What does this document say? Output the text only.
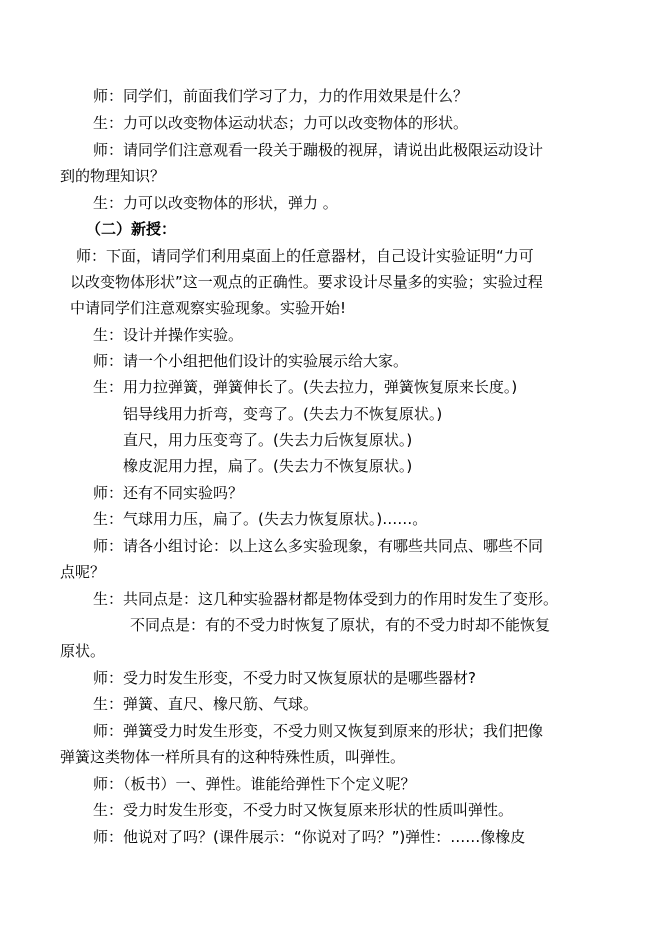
师：同学们，前面我们学习了力，力的作用效果是什么？
生：力可以改变物体运动状态；力可以改变物体的形状。
师：请同学们注意观看一段关于蹦极的视屏，请说出此极限运动设计
到的物理知识？
生：力可以改变物体的形状，弹力 。
（二）新授：
师：下面，请同学们利用桌面上的任意器材，自己设计实验证明“力可
以改变物体形状”这一观点的正确性。要求设计尽量多的实验；实验过程
中请同学们注意观察实验现象。实验开始!
生：设计并操作实验。
师：请一个小组把他们设计的实验展示给大家。
生：用力拉弹簧，弹簧伸长了。(失去拉力，弹簧恢复原来长度。)
铝导线用力折弯，变弯了。(失去力不恢复原状。)
直尺，用力压变弯了。(失去力后恢复原状。)
橡皮泥用力捏，扁了。(失去力不恢复原状。)
师：还有不同实验吗？
生：气球用力压，扁了。(失去力恢复原状。)……。
师：请各小组讨论：以上这么多实验现象，有哪些共同点、哪些不同
点呢？
生：共同点是：这几种实验器材都是物体受到力的作用时发生了变形。
不同点是：有的不受力时恢复了原状，有的不受力时却不能恢复
原状。
师：受力时发生形变，不受力时又恢复原状的是哪些器材?
生：弹簧、直尺、橡尺筋、气球。
师：弹簧受力时发生形变，不受力则又恢复到原来的形状；我们把像
弹簧这类物体一样所具有的这种特殊性质，叫弹性。
师：（板书）一、弹性。谁能给弹性下个定义呢？
生：受力时发生形变，不受力时又恢复原来形状的性质叫弹性。
师：他说对了吗？(课件展示：“你说对了吗？”)弹性：……像橡皮
